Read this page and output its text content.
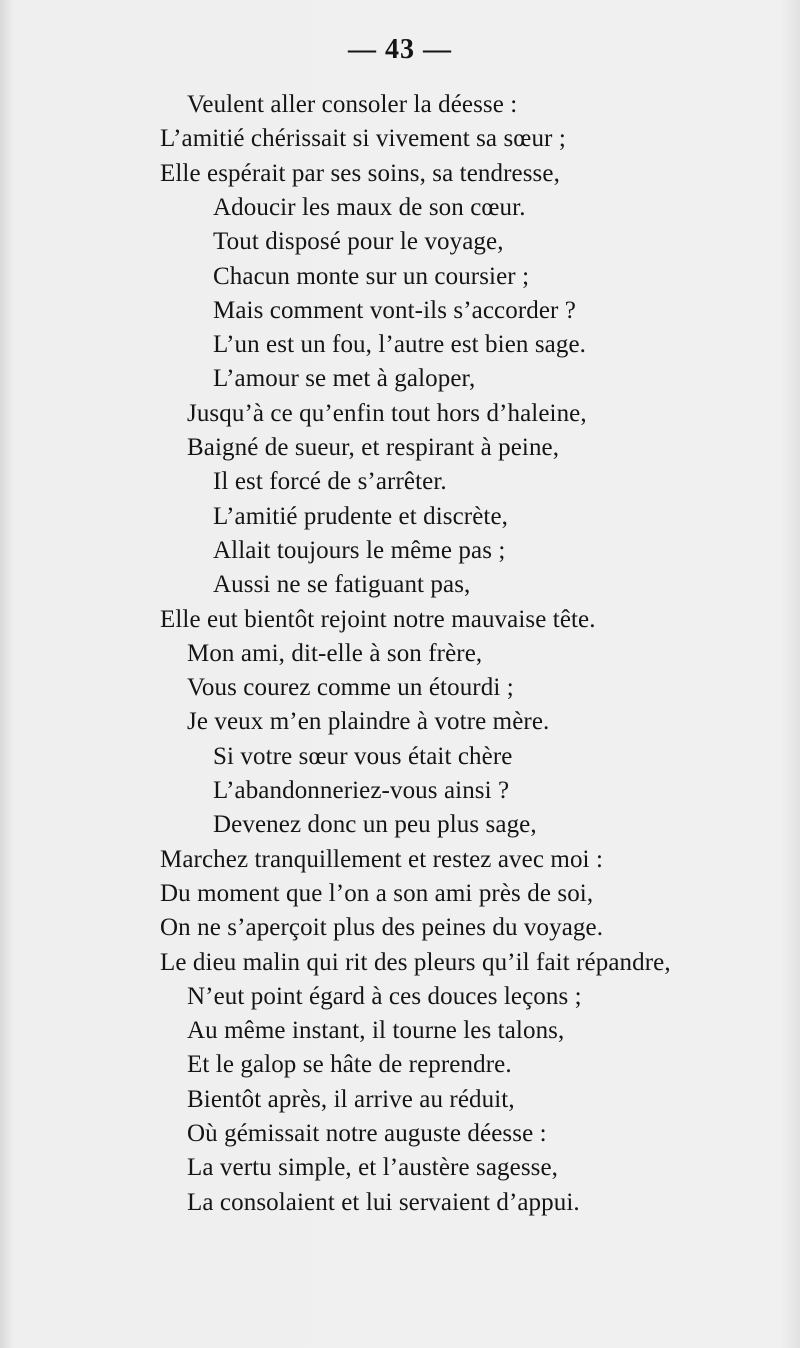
— 43 —
Veulent aller consoler la déesse :
L’amitié chérissait si vivement sa sœur ;
Elle espérait par ses soins, sa tendresse,
Adoucir les maux de son cœur.
Tout disposé pour le voyage,
Chacun monte sur un coursier ;
Mais comment vont-ils s’accorder ?
L’un est un fou, l’autre est bien sage.
L’amour se met à galoper,
Jusqu’à ce qu’enfin tout hors d’haleine,
Baigné de sueur, et respirant à peine,
Il est forcé de s’arrêter.
L’amitié prudente et discrète,
Allait toujours le même pas ;
Aussi ne se fatiguant pas,
Elle eut bientôt rejoint notre mauvaise tête.
Mon ami, dit-elle à son frère,
Vous courez comme un étourdi ;
Je veux m’en plaindre à votre mère.
Si votre sœur vous était chère
L’abandonneriez-vous ainsi ?
Devenez donc un peu plus sage,
Marchez tranquillement et restez avec moi :
Du moment que l’on a son ami près de soi,
On ne s’aperçoit plus des peines du voyage.
Le dieu malin qui rit des pleurs qu’il fait répandre,
N’eut point égard à ces douces leçons ;
Au même instant, il tourne les talons,
Et le galop se hâte de reprendre.
Bientôt après, il arrive au réduit,
Où gémissait notre auguste déesse :
La vertu simple, et l’austère sagesse,
La consolaient et lui servaient d’appui.
